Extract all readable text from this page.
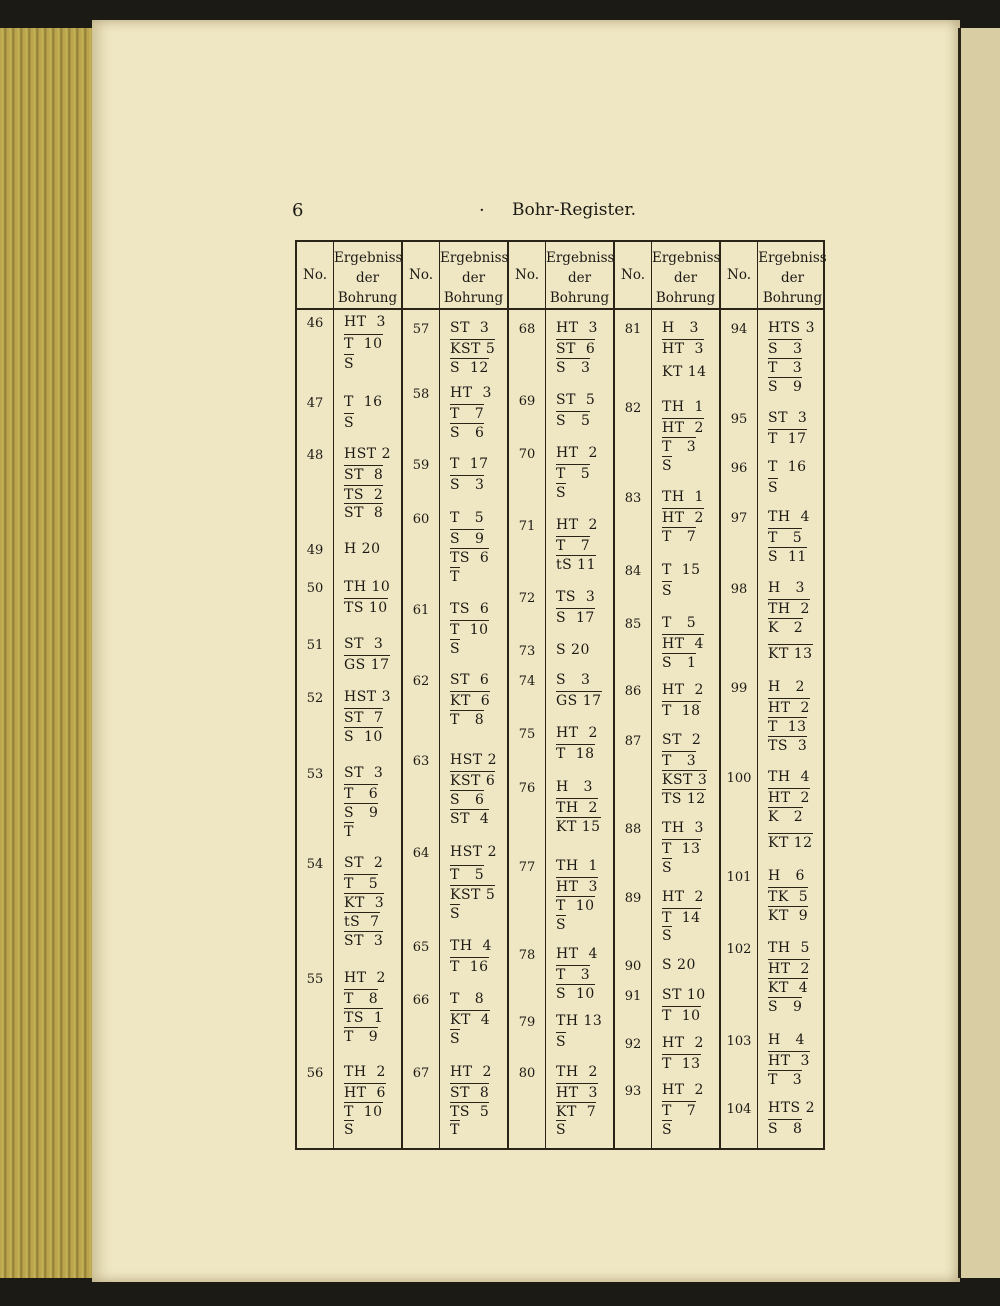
6	· Bohr-Register.
No.
46
47
48
49
50
51
52
53
54
55
56
Ergebniss
der
Bohrung
HT  3
T  10
S
T  16
S
HST 2
ST  8
TS  2
ST  8
H 20
TH 10
TS 10
ST  3
GS 17
HST 3
ST  7
S  10
ST  3
T   6
S   9
T
ST  2
T   5
KT  3
tS  7
ST  3
HT  2
T   8
TS  1
T   9
TH  2
HT  6
T  10
S
No.
57
58
59
60
61
62
63
64
65
66
67
Ergebniss
der
Bohrung
ST  3
KST 5
S  12
HT  3
T   7
S   6
T  17
S   3
T   5
S   9
TS  6
T
TS  6
T  10
S
ST  6
KT  6
T   8
HST 2
KST 6
S   6
ST  4
HST 2
T   5
KST 5
S
TH  4
T  16
T   8
KT  4
S
HT  2
ST  8
TS  5
T
No.
68
69
70
71
72
73
74
75
76
77
78
79
80
Ergebniss
der
Bohrung
HT  3
ST  6
S   3
ST  5
S   5
HT  2
T   5
S
HT  2
T   7
tS 11
TS  3
S  17
S 20
S   3
GS 17
HT  2
T  18
H   3
TH  2
KT 15
TH  1
HT  3
T  10
S
HT  4
T   3
S  10
TH 13
S
TH  2
HT  3
KT  7
S
No.
81
82
83
84
85
86
87
88
89
90
91
92
93
Ergebniss
der
Bohrung
H   3
HT  3
KT 14
TH  1
HT  2
T   3
S
TH  1
HT  2
T   7
T  15
S
T   5
HT  4
S   1
HT  2
T  18
ST  2
T   3
KST 3
TS 12
TH  3
T  13
S
HT  2
T  14
S
S 20
ST 10
T  10
HT  2
T  13
HT  2
T   7
S
No.
94
95
96
97
98
99
100
101
102
103
104
Ergebniss
der
Bohrung
HTS 3
S   3
T   3
S   9
ST  3
T  17
T  16
S
TH  4
T   5
S  11
H   3
TH  2
K   2
KT 13
H   2
HT  2
T  13
TS  3
TH  4
HT  2
K   2
KT 12
H   6
TK  5
KT  9
TH  5
HT  2
KT  4
S   9
H   4
HT  3
T   3
HTS 2
S   8
